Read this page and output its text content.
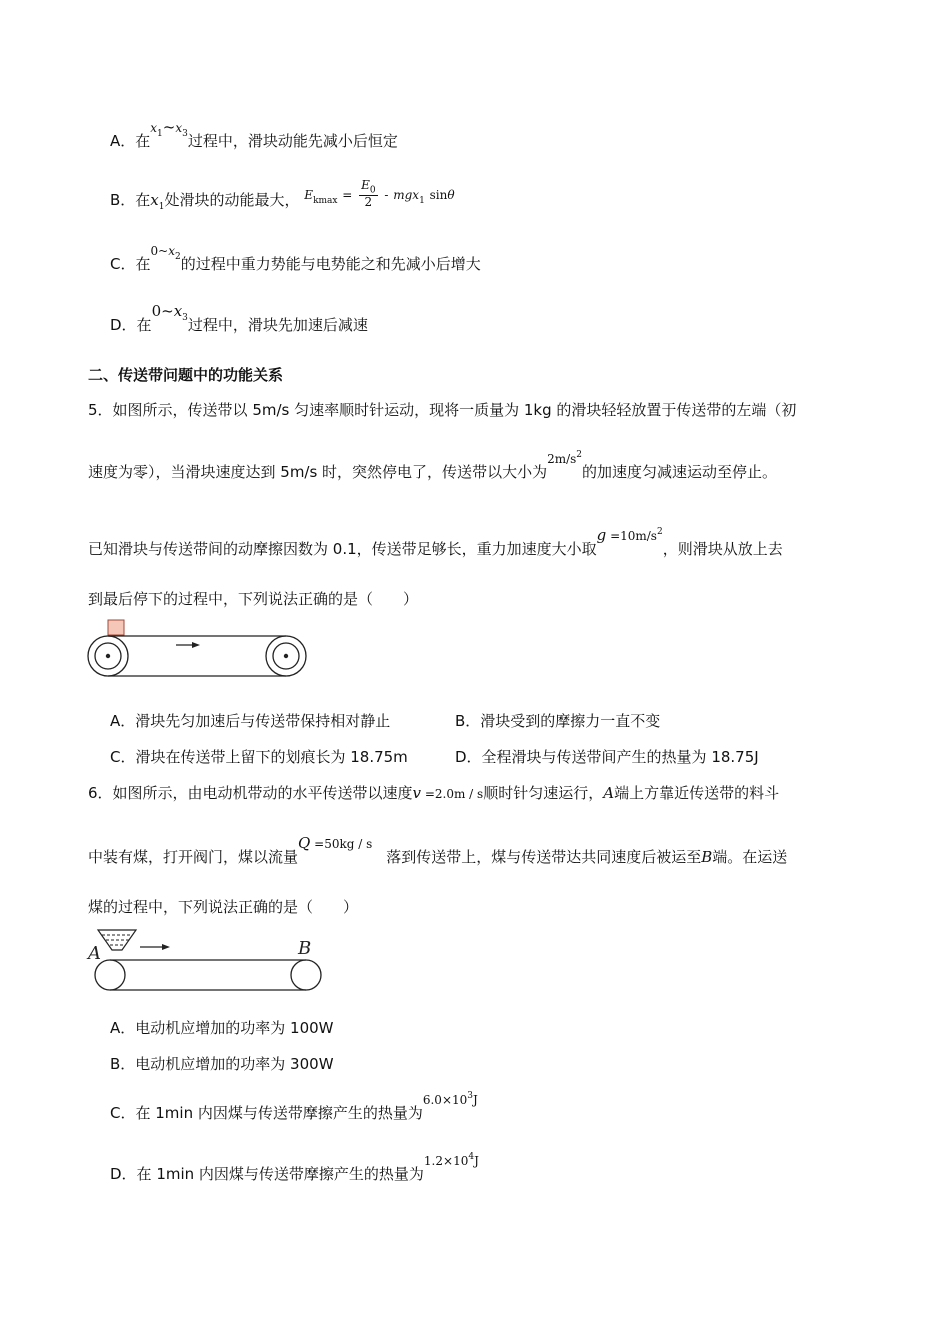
A．在$x_1\sim x_3$过程中，滑块动能先减小后恒定
B．在$x_1$处滑块的动能最大， $E_{kmax} = \frac{E_0}{2} - mgx_1$ sinθ
C．在$0\sim x_2$的过程中重力势能与电势能之和先减小后增大
D．在$0\sim x_3$过程中，滑块先加速后减速
二、传送带问题中的功能关系
5．如图所示，传送带以 5m/s 匀速率顺时针运动，现将一质量为 1kg 的滑块轻轻放置于传送带的左端（初
速度为零），当滑块速度达到 5m/s 时，突然停电了，传送带以大小为$2m/s^2$的加速度匀减速运动至停止。
已知滑块与传送带间的动摩擦因数为 0.1，传送带足够长，重力加速度大小取$g =10m/s^2$，则滑块从放上去
到最后停下的过程中，下列说法正确的是（　　）
A．滑块先匀加速后与传送带保持相对静止	B．滑块受到的摩擦力一直不变
C．滑块在传送带上留下的划痕长为 18.75m	D．全程滑块与传送带间产生的热量为 18.75J
6．如图所示，由电动机带动的水平传送带以速度v =2.0m / s顺时针匀速运行，A端上方靠近传送带的料斗
中装有煤，打开阀门，煤以流量Q =50kg / s落到传送带上，煤与传送带达共同速度后被运至B端。在运送
煤的过程中，下列说法正确的是（　　）
A	B
A．电动机应增加的功率为 100W
B．电动机应增加的功率为 300W
C．在 1min 内因煤与传送带摩擦产生的热量为$6.0\times 10^3J$
D．在 1min 内因煤与传送带摩擦产生的热量为$1.2\times 10^4J$
